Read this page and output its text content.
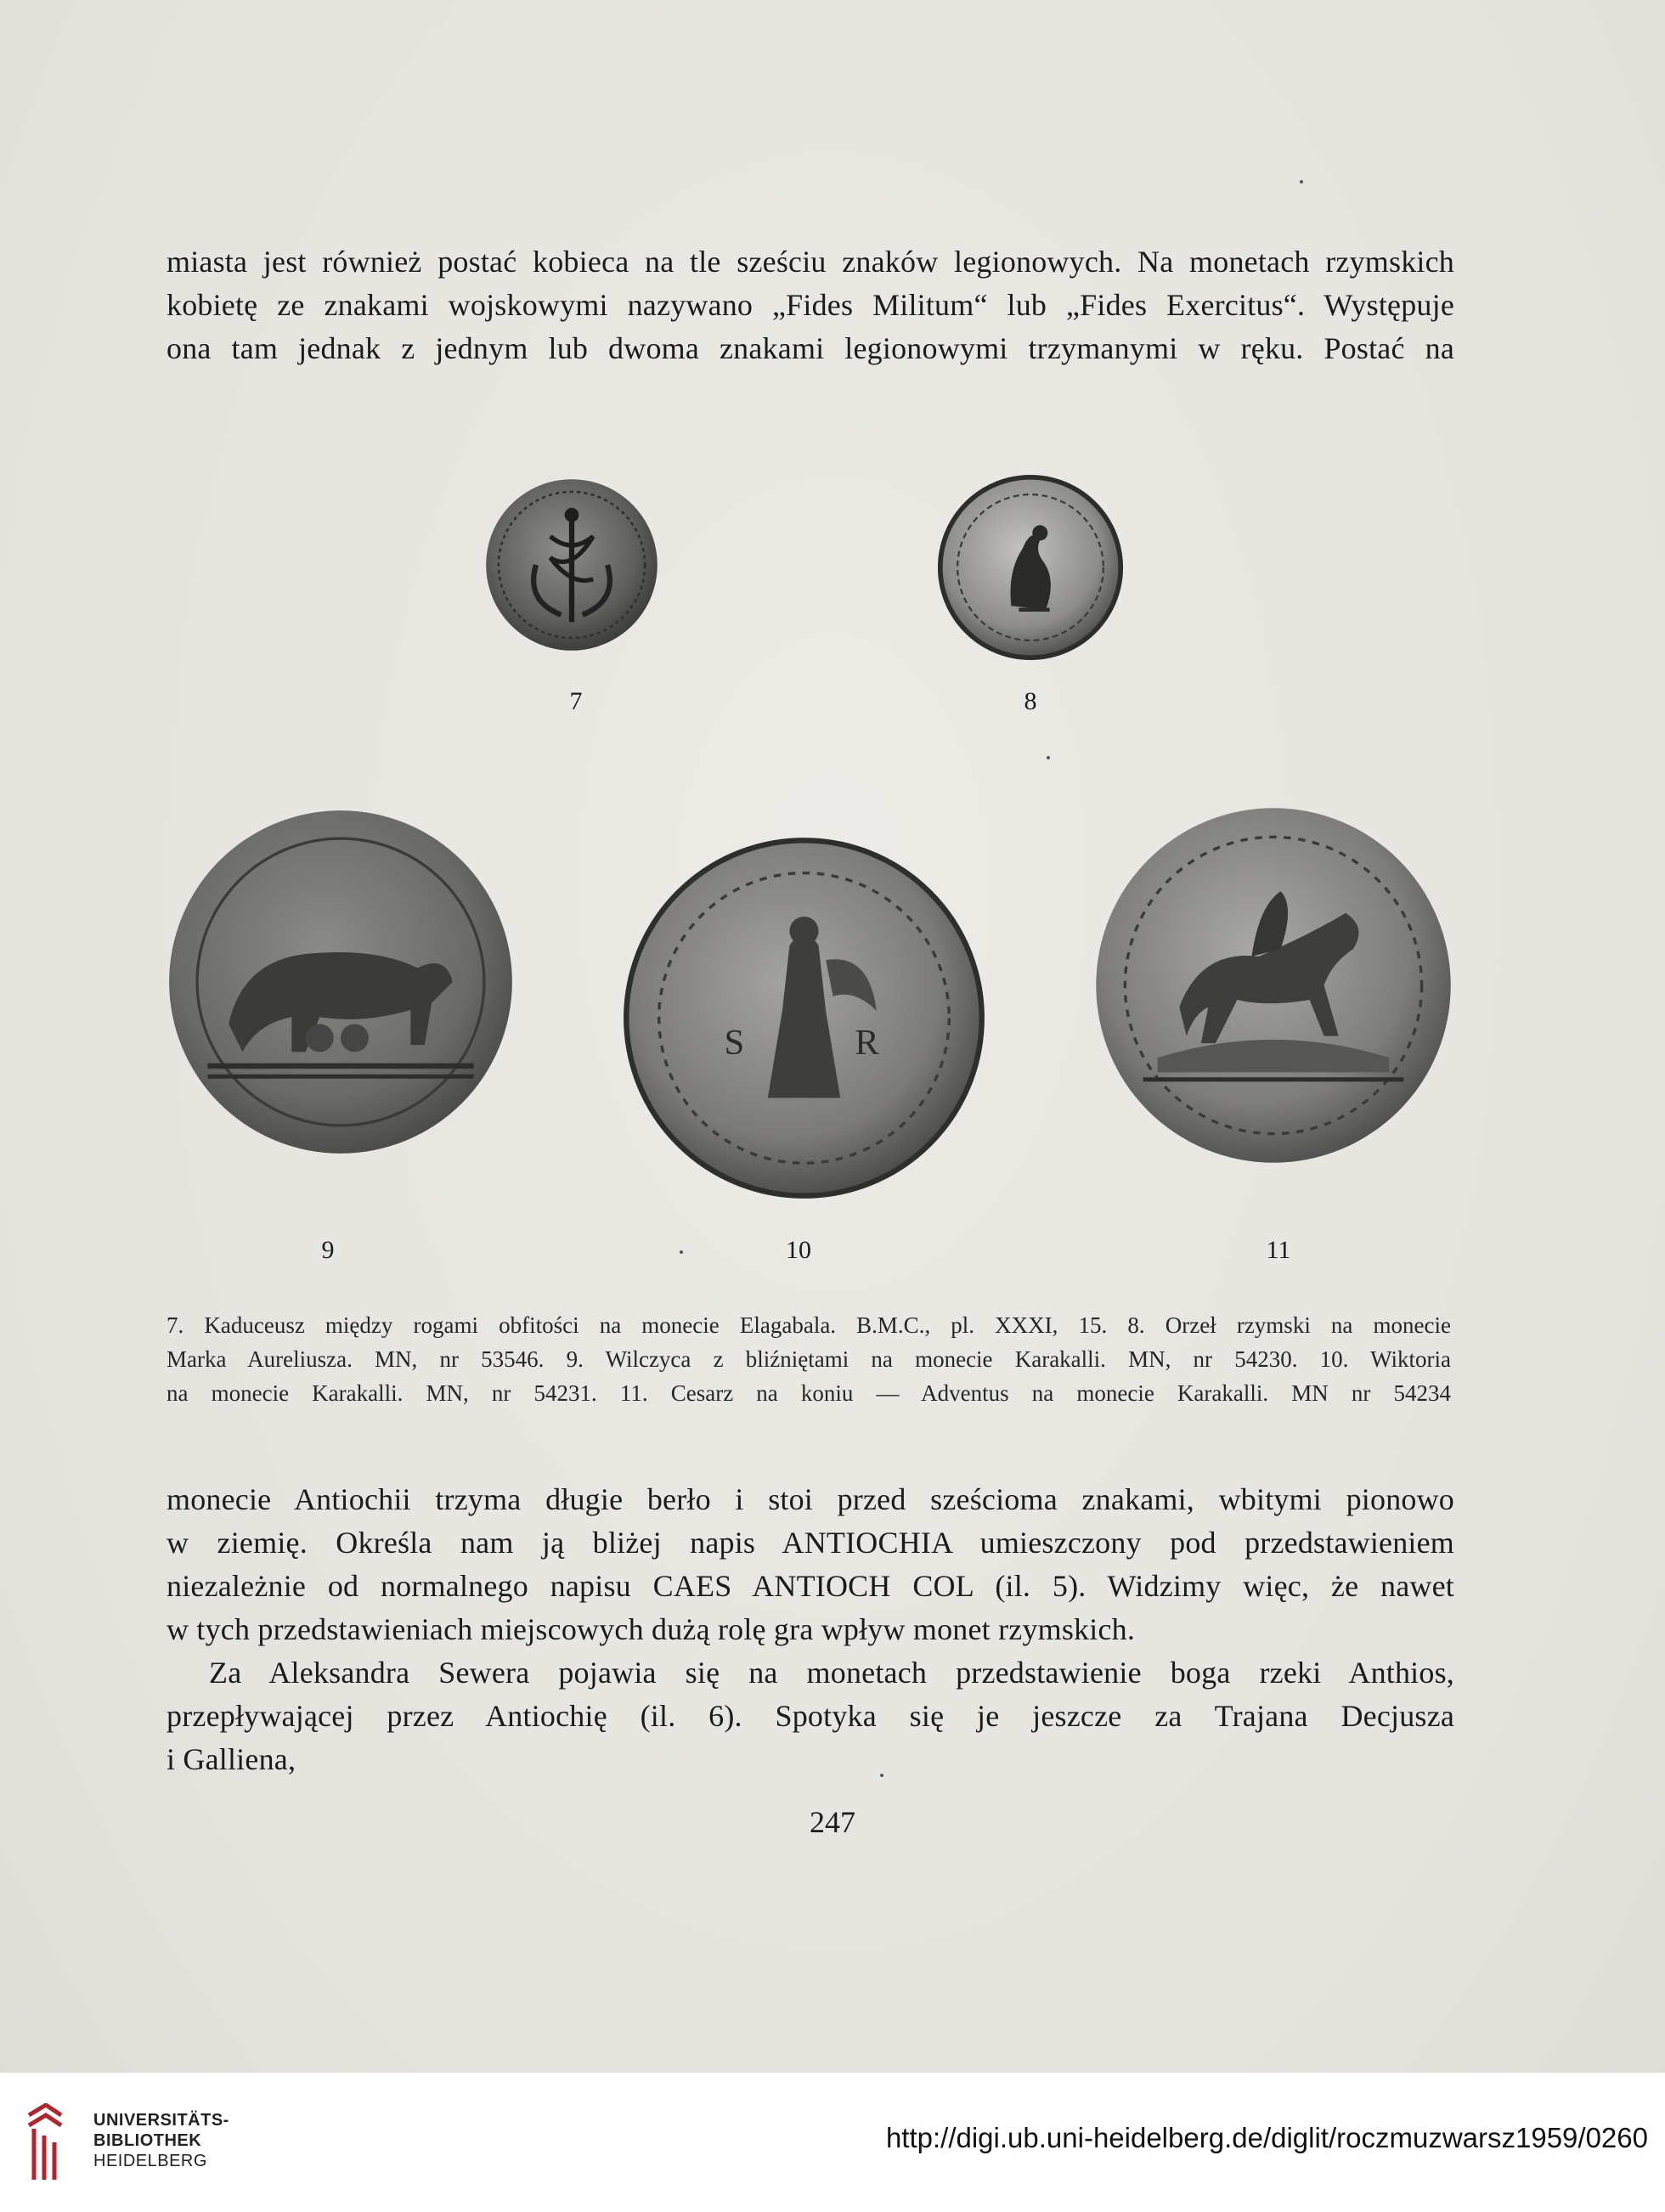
miasta jest również postać kobieca na tle sześciu znaków legionowych. Na monetach rzymskich
kobietę ze znakami wojskowymi nazywano „Fides Militum“ lub „Fides Exercitus“. Występuje
ona tam jednak z jednym lub dwoma znakami legionowymi trzymanymi w ręku. Postać na
7	8
S	R
9	10	11
7. Kaduceusz między rogami obfitości na monecie Elagabala. B.M.C., pl. XXXI, 15. 8. Orzeł rzymski na monecie
Marka Aureliusza. MN, nr 53546. 9. Wilczyca z bliźniętami na monecie Karakalli. MN, nr 54230. 10. Wiktoria
na monecie Karakalli. MN, nr 54231. 11. Cesarz na koniu — Adventus na monecie Karakalli. MN nr 54234
monecie Antiochii trzyma długie berło i stoi przed sześcioma znakami, wbitymi pionowo
w ziemię. Określa nam ją bliżej napis ANTIOCHIA umieszczony pod przedstawieniem
niezależnie od normalnego napisu CAES ANTIOCH COL (il. 5). Widzimy więc, że nawet
w tych przedstawieniach miejscowych dużą rolę gra wpływ monet rzymskich.
Za Aleksandra Sewera pojawia się na monetach przedstawienie boga rzeki Anthios,
przepływającej przez Antiochię (il. 6). Spotyka się je jeszcze za Trajana Decjusza
i Galliena,
247
UNIVERSITÄTS-
BIBLIOTHEK
HEIDELBERG
http://digi.ub.uni-heidelberg.de/diglit/roczmuzwarsz1959/0260
